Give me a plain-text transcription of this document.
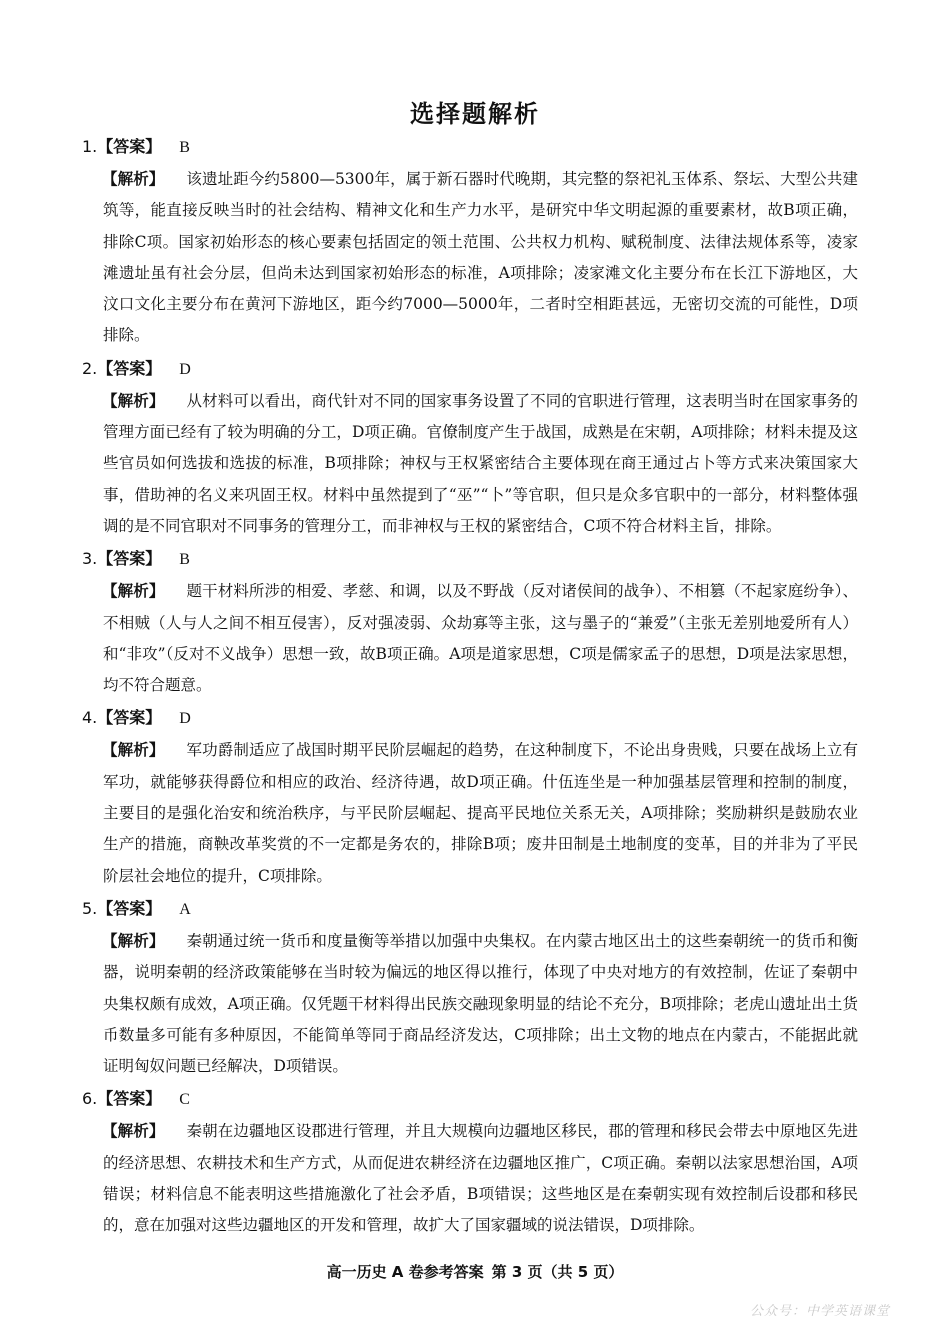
选择题解析
1.【答案】 B
【解析】 该遗址距今约5800—5300年，属于新石器时代晚期，其完整的祭祀礼玉体系、祭坛、大型公共建筑等，能直接反映当时的社会结构、精神文化和生产力水平，是研究中华文明起源的重要素材，故B项正确，排除C项。国家初始形态的核心要素包括固定的领土范围、公共权力机构、赋税制度、法律法规体系等，凌家滩遗址虽有社会分层，但尚未达到国家初始形态的标准，A项排除；凌家滩文化主要分布在长江下游地区，大汶口文化主要分布在黄河下游地区，距今约7000—5000年，二者时空相距甚远，无密切交流的可能性，D项排除。
2.【答案】 D
【解析】 从材料可以看出，商代针对不同的国家事务设置了不同的官职进行管理，这表明当时在国家事务的管理方面已经有了较为明确的分工，D项正确。官僚制度产生于战国，成熟是在宋朝，A项排除；材料未提及这些官员如何选拔和选拔的标准，B项排除；神权与王权紧密结合主要体现在商王通过占卜等方式来决策国家大事，借助神的名义来巩固王权。材料中虽然提到了“巫”“卜”等官职，但只是众多官职中的一部分，材料整体强调的是不同官职对不同事务的管理分工，而非神权与王权的紧密结合，C项不符合材料主旨，排除。
3.【答案】 B
【解析】 题干材料所涉的相爱、孝慈、和调，以及不野战（反对诸侯间的战争）、不相篡（不起家庭纷争）、不相贼（人与人之间不相互侵害），反对强凌弱、众劫寡等主张，这与墨子的“兼爱”（主张无差别地爱所有人）和“非攻”（反对不义战争）思想一致，故B项正确。A项是道家思想，C项是儒家孟子的思想，D项是法家思想，均不符合题意。
4.【答案】 D
【解析】 军功爵制适应了战国时期平民阶层崛起的趋势，在这种制度下，不论出身贵贱，只要在战场上立有军功，就能够获得爵位和相应的政治、经济待遇，故D项正确。什伍连坐是一种加强基层管理和控制的制度，主要目的是强化治安和统治秩序，与平民阶层崛起、提高平民地位关系无关，A项排除；奖励耕织是鼓励农业生产的措施，商鞅改革奖赏的不一定都是务农的，排除B项；废井田制是土地制度的变革，目的并非为了平民阶层社会地位的提升，C项排除。
5.【答案】 A
【解析】 秦朝通过统一货币和度量衡等举措以加强中央集权。在内蒙古地区出土的这些秦朝统一的货币和衡器，说明秦朝的经济政策能够在当时较为偏远的地区得以推行，体现了中央对地方的有效控制，佐证了秦朝中央集权颇有成效，A项正确。仅凭题干材料得出民族交融现象明显的结论不充分，B项排除；老虎山遗址出土货币数量多可能有多种原因，不能简单等同于商品经济发达，C项排除；出土文物的地点在内蒙古，不能据此就证明匈奴问题已经解决，D项错误。
6.【答案】 C
【解析】 秦朝在边疆地区设郡进行管理，并且大规模向边疆地区移民，郡的管理和移民会带去中原地区先进的经济思想、农耕技术和生产方式，从而促进农耕经济在边疆地区推广，C项正确。秦朝以法家思想治国，A项错误；材料信息不能表明这些措施激化了社会矛盾，B项错误；这些地区是在秦朝实现有效控制后设郡和移民的，意在加强对这些边疆地区的开发和管理，故扩大了国家疆域的说法错误，D项排除。
高一历史 A 卷参考答案 第 3 页（共 5 页）
公众号：中学英语课堂
